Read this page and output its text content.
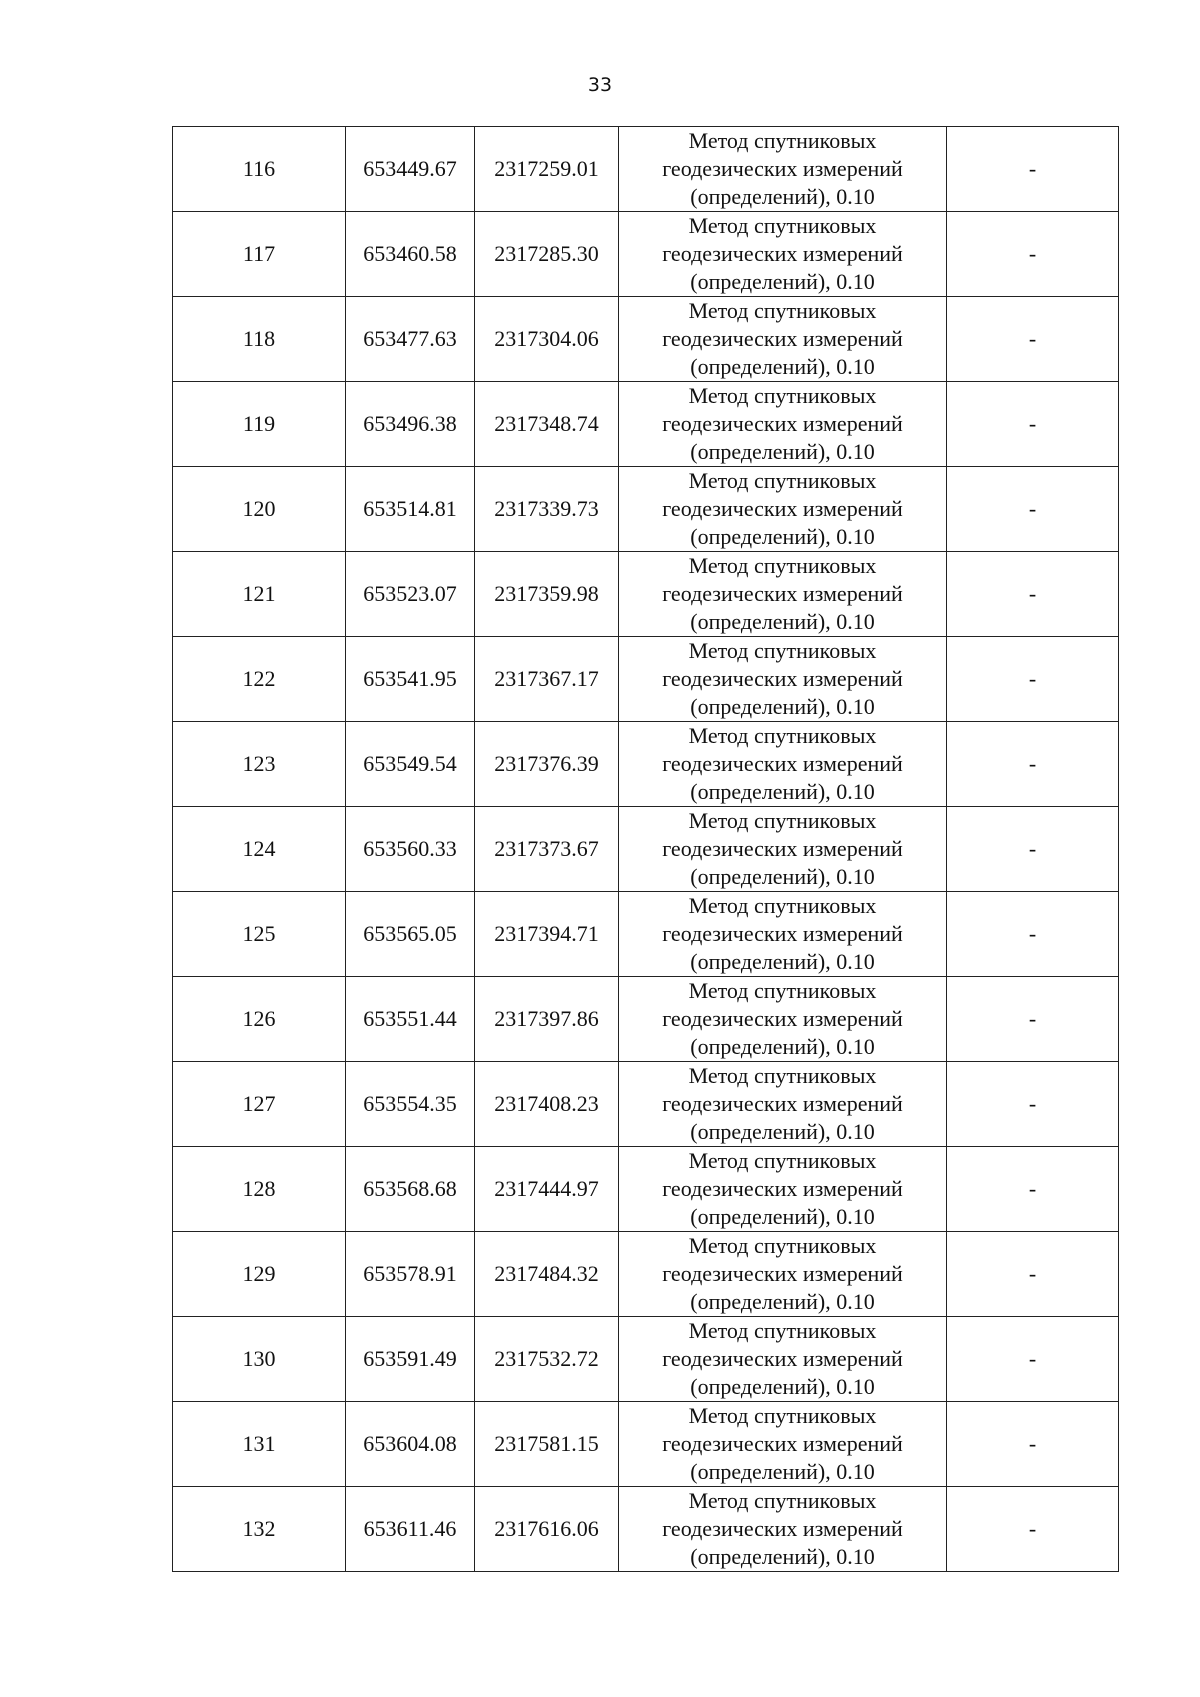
33
116	653449.67	2317259.01	Метод спутниковых
геодезических измерений
(определений), 0.10	-
117	653460.58	2317285.30	Метод спутниковых
геодезических измерений
(определений), 0.10	-
118	653477.63	2317304.06	Метод спутниковых
геодезических измерений
(определений), 0.10	-
119	653496.38	2317348.74	Метод спутниковых
геодезических измерений
(определений), 0.10	-
120	653514.81	2317339.73	Метод спутниковых
геодезических измерений
(определений), 0.10	-
121	653523.07	2317359.98	Метод спутниковых
геодезических измерений
(определений), 0.10	-
122	653541.95	2317367.17	Метод спутниковых
геодезических измерений
(определений), 0.10	-
123	653549.54	2317376.39	Метод спутниковых
геодезических измерений
(определений), 0.10	-
124	653560.33	2317373.67	Метод спутниковых
геодезических измерений
(определений), 0.10	-
125	653565.05	2317394.71	Метод спутниковых
геодезических измерений
(определений), 0.10	-
126	653551.44	2317397.86	Метод спутниковых
геодезических измерений
(определений), 0.10	-
127	653554.35	2317408.23	Метод спутниковых
геодезических измерений
(определений), 0.10	-
128	653568.68	2317444.97	Метод спутниковых
геодезических измерений
(определений), 0.10	-
129	653578.91	2317484.32	Метод спутниковых
геодезических измерений
(определений), 0.10	-
130	653591.49	2317532.72	Метод спутниковых
геодезических измерений
(определений), 0.10	-
131	653604.08	2317581.15	Метод спутниковых
геодезических измерений
(определений), 0.10	-
132	653611.46	2317616.06	Метод спутниковых
геодезических измерений
(определений), 0.10	-
